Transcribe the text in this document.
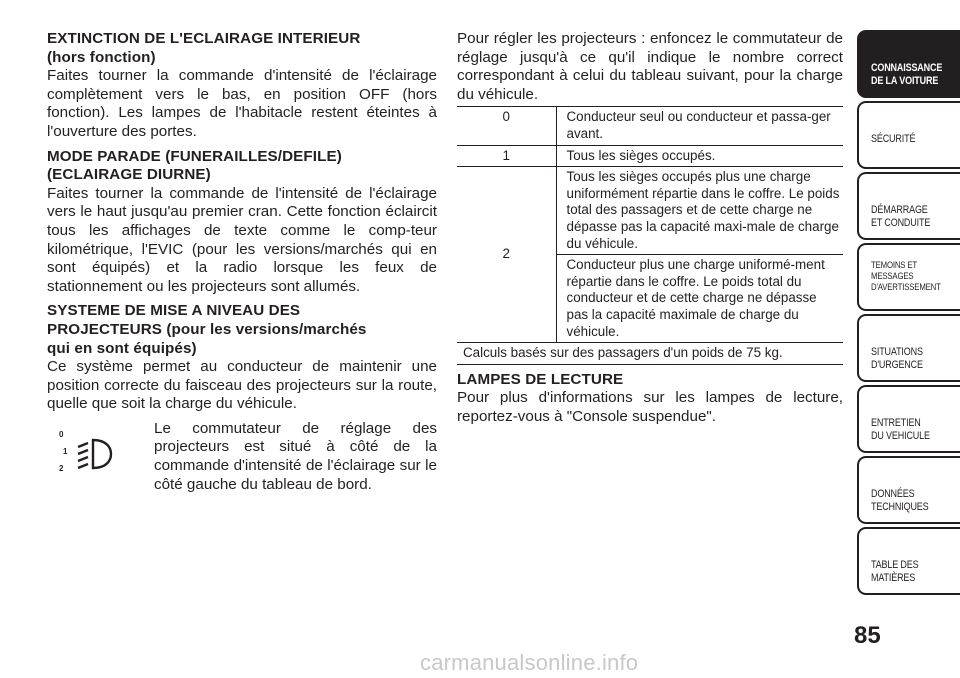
EXTINCTION DE L'ECLAIRAGE INTERIEUR
(hors fonction)

Faites tourner la commande d'intensité de l'éclairage complètement vers le bas, en position OFF (hors fonction). Les lampes de l'habitacle restent éteintes à l'ouverture des portes.

MODE PARADE (FUNERAILLES/DEFILE)
(ECLAIRAGE DIURNE)

Faites tourner la commande de l'intensité de l'éclairage vers le haut jusqu'au premier cran. Cette fonction éclaircit tous les affichages de texte comme le comp-teur kilométrique, l'EVIC (pour les versions/marchés qui en sont équipés) et la radio lorsque les feux de stationnement ou les projecteurs sont allumés.

SYSTEME DE MISE A NIVEAU DES
PROJECTEURS (pour les versions/marchés
qui en sont équipés)

Ce système permet au conducteur de maintenir une position correcte du faisceau des projecteurs sur la route, quelle que soit la charge du véhicule.

0
1
2
Le commutateur de réglage des projecteurs est situé à côté de la commande d'intensité de l'éclairage sur le côté gauche du tableau de bord.

Pour régler les projecteurs : enfoncez le commutateur de réglage jusqu'à ce qu'il indique le nombre correct correspondant à celui du tableau suivant, pour la charge du véhicule.

0	Conducteur seul ou conducteur et passa-ger avant.
1	Tous les sièges occupés.
2	Tous les sièges occupés plus une charge uniformément répartie dans le coffre. Le poids total des passagers et de cette charge ne dépasse pas la capacité maxi-male de charge du véhicule.
	Conducteur plus une charge uniformé-ment répartie dans le coffre. Le poids total du conducteur et de cette charge ne dépasse pas la capacité maximale de charge du véhicule.
Calculs basés sur des passagers d'un poids de 75 kg.	
LAMPES DE LECTURE

Pour plus d'informations sur les lampes de lecture, reportez-vous à "Console suspendue".

CONNAISSANCE
DE LA VOITURE
SÉCURITÉ
DÉMARRAGE
ET CONDUITE
TEMOINS ET
MESSAGES
D'AVERTISSEMENT
SITUATIONS
D'URGENCE
ENTRETIEN
DU VEHICULE
DONNÉES
TECHNIQUES
TABLE DES
MATIÈRES
85
carmanualsonline.info
